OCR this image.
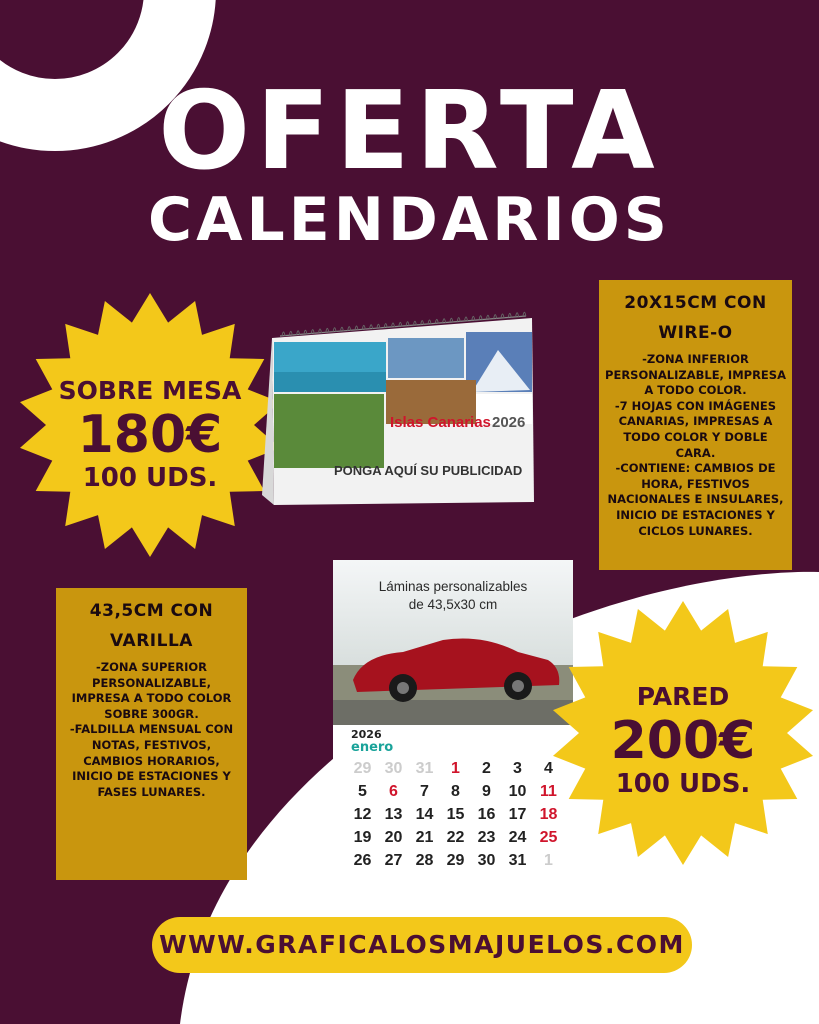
OFERTA
CALENDARIOS
SOBRE MESA
180€
100 UDS.
Islas Canarias 2026
PONGA AQUÍ SU PUBLICIDAD
20X15CM CON WIRE-O
-ZONA INFERIOR PERSONALIZABLE, IMPRESA A TODO COLOR.
-7 HOJAS CON IMÁGENES CANARIAS, IMPRESAS A TODO COLOR Y DOBLE CARA.
-CONTIENE: CAMBIOS DE HORA, FESTIVOS NACIONALES E INSULARES, INICIO DE ESTACIONES Y CICLOS LUNARES.
43,5CM CON VARILLA
-ZONA SUPERIOR PERSONALIZABLE, IMPRESA A TODO COLOR SOBRE 300GR.
-FALDILLA MENSUAL CON NOTAS, FESTIVOS, CAMBIOS HORARIOS, INICIO DE ESTACIONES Y FASES LUNARES.
Láminas personalizables
de 43,5x30 cm
2026
enero
29 30 31	1	2	3	4
5	6	7	8	9	10 11
12 13 14 15 16 17 18
19 20 21 22 23 24 25
26 27 28 29 30 31	1
PARED
200€
100 UDS.
WWW.GRAFICALOSMAJUELOS.COM
